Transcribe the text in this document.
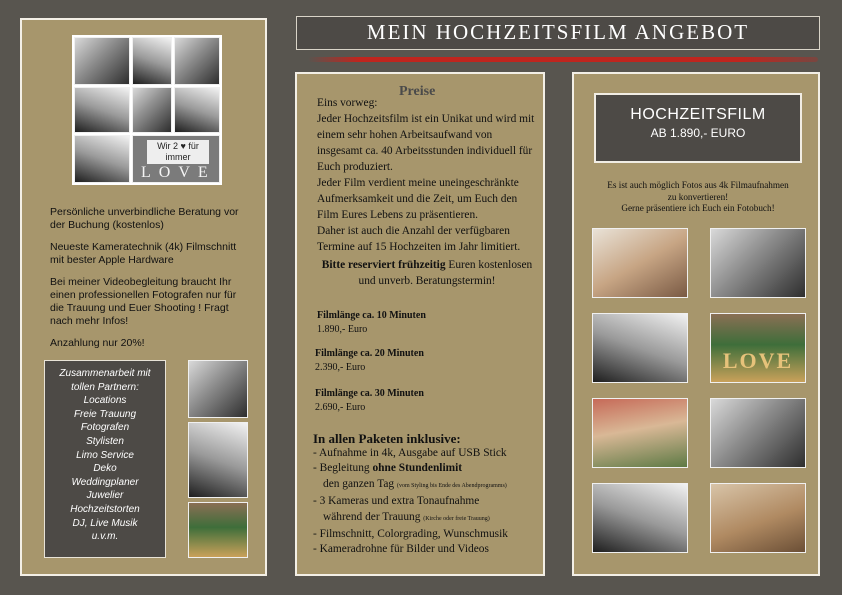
Wir 2 ♥ für immer
LOVE

Persönliche unverbindliche Beratung vor der Buchung (kostenlos)

Neueste Kameratechnik (4k) Filmschnitt mit bester Apple Hardware

Bei meiner Videobegleitung braucht Ihr einen professionellen Fotografen nur für die Trauung und Euer Shooting ! Fragt nach mehr Infos!

Anzahlung nur 20%!

Zusammenarbeit mit tollen Partnern:
Locations
Freie Trauung
Fotografen
Stylisten
Limo Service
Deko
Weddingplaner
Juwelier
Hochzeitstorten
DJ, Live Musik
u.v.m.
MEIN HOCHZEITSFILM ANGEBOT
Preise
Eins vorweg:
Jeder Hochzeitsfilm ist ein Unikat und wird mit einem sehr hohen Arbeitsaufwand von insgesamt ca. 40 Arbeitsstunden individuell für Euch produziert.
Jeder Film verdient meine uneingeschränkte Aufmerksamkeit und die Zeit, um Euch den Film Eures Lebens zu präsentieren.
Daher ist auch die Anzahl der verfügbaren Termine auf 15 Hochzeiten im Jahr limitiert.
Bitte reserviert frühzeitig Euren kostenlosen und unverb. Beratungstermin!
Filmlänge ca. 10 Minuten
1.890,- Euro
Filmlänge ca. 20 Minuten
2.390,- Euro
Filmlänge ca. 30 Minuten
2.690,- Euro
In allen Paketen inklusive:
- Aufnahme in 4k, Ausgabe auf USB Stick
- Begleitung ohne Stundenlimit
den ganzen Tag (vom Styling bis Ende des Abendprogramms)
- 3 Kameras und extra Tonaufnahme
während der Trauung (Kirche oder freie Trauung)
- Filmschnitt, Colorgrading, Wunschmusik
- Kameradrohne für Bilder und Videos
HOCHZEITSFILM
AB 1.890,- EURO
Es ist auch möglich Fotos aus 4k Filmaufnahmen
zu konvertieren!
Gerne präsentiere ich Euch ein Fotobuch!
LOVE
